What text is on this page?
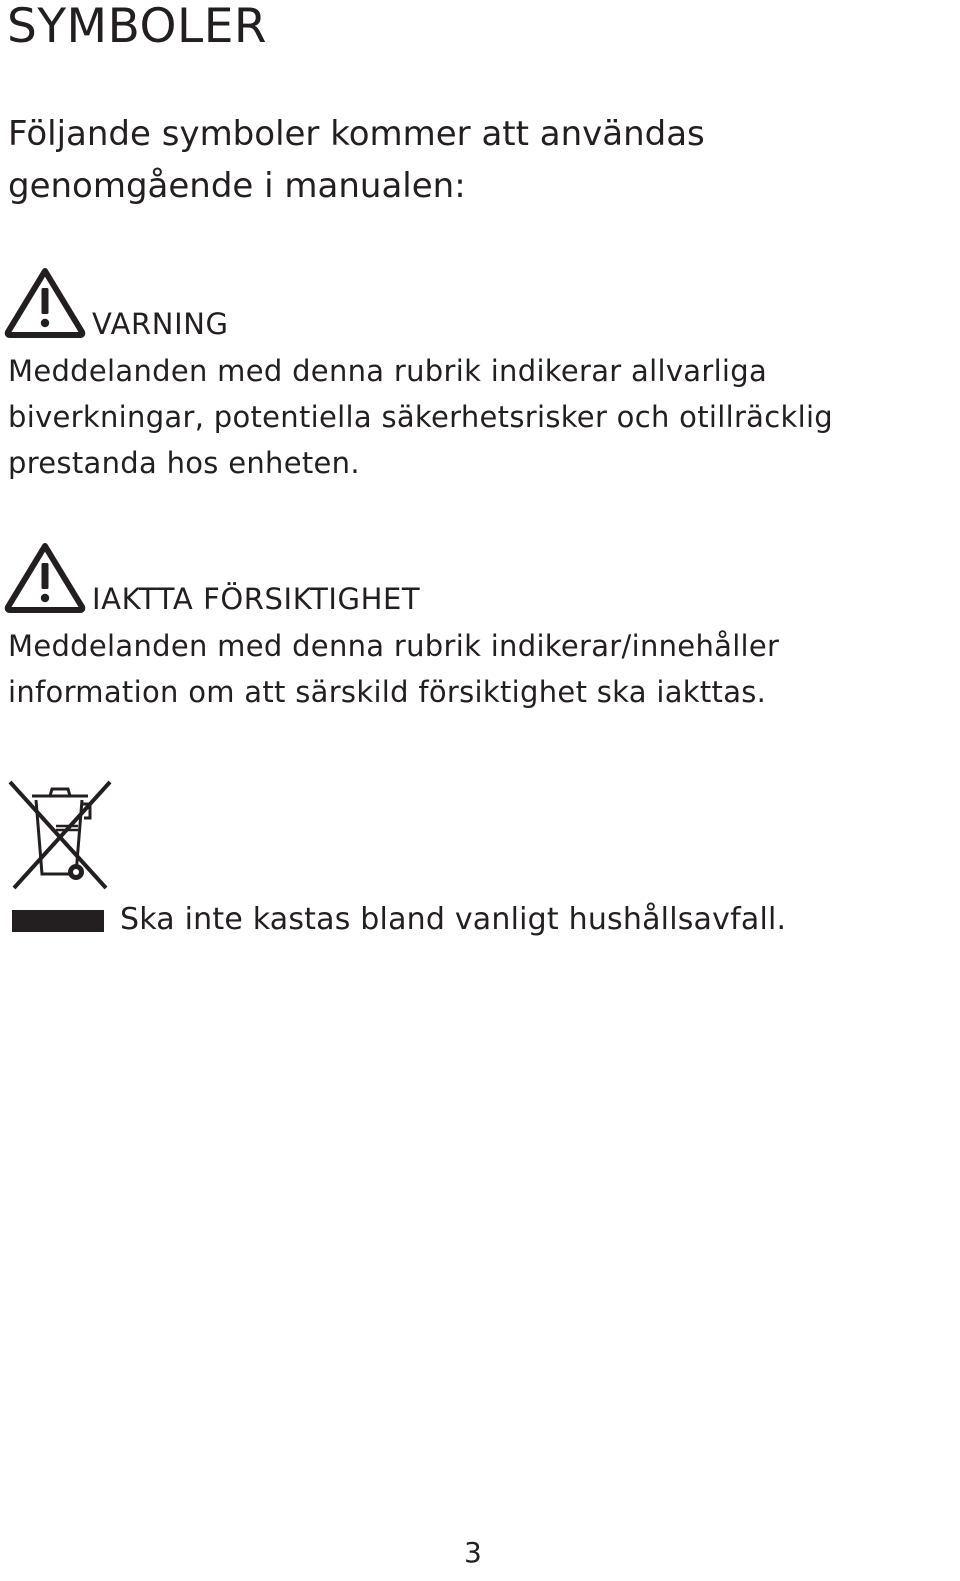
SYMBOLER

Följande symboler kommer att användas genomgående i manualen:

VARNING

Meddelanden med denna rubrik indikerar allvarliga biverkningar, potentiella säkerhetsrisker och otillräcklig prestanda hos enheten.

IAKTTA FÖRSIKTIGHET

Meddelanden med denna rubrik indikerar/innehåller information om att särskild försiktighet ska iakttas.

Ska inte kastas bland vanligt hushållsavfall.

3
